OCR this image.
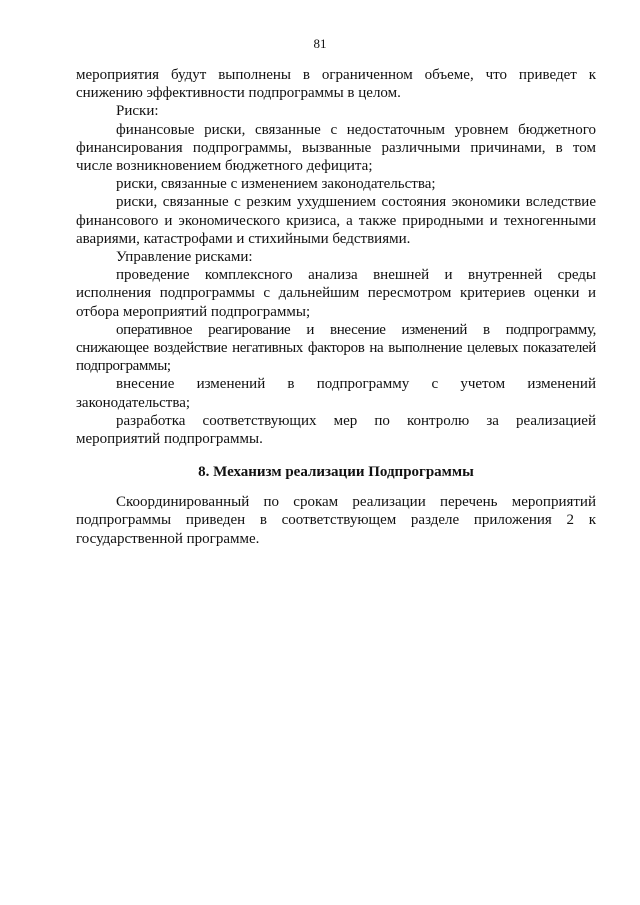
81

мероприятия будут выполнены в ограниченном объеме, что приведет к снижению эффективности подпрограммы в целом.

Риски:

финансовые риски, связанные с недостаточным уровнем бюджетного финансирования подпрограммы, вызванные различными причинами, в том числе возникновением бюджетного дефицита;

риски, связанные с изменением законодательства;

риски, связанные с резким ухудшением состояния экономики вследствие финансового и экономического кризиса, а также природными и техногенными авариями, катастрофами и стихийными бедствиями.

Управление рисками:

проведение комплексного анализа внешней и внутренней среды исполнения подпрограммы с дальнейшим пересмотром критериев оценки и отбора мероприятий подпрограммы;

оперативное реагирование и внесение изменений в подпрограмму, снижающее воздействие негативных факторов на выполнение целевых показателей подпрограммы;

внесение изменений в подпрограмму с учетом изменений законодательства;

разработка соответствующих мер по контролю за реализацией мероприятий подпрограммы.

8. Механизм реализации Подпрограммы

Скоординированный по срокам реализации перечень мероприятий подпрограммы приведен в соответствующем разделе приложения 2 к государственной программе.
